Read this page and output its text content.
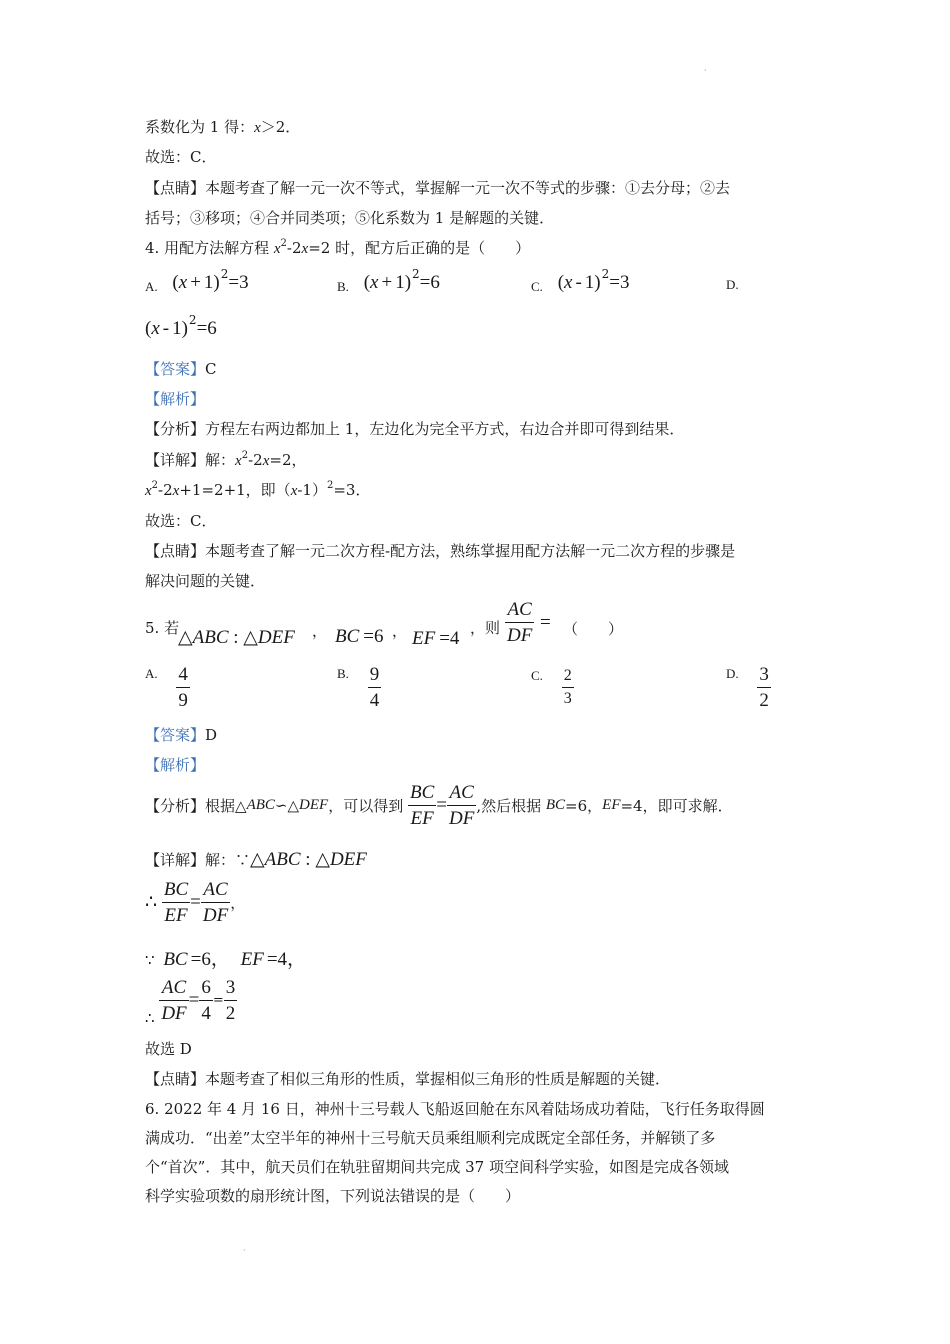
·
系数化为 1 得：x＞2．
故选：C．
【点睛】本题考查了解一元一次不等式，掌握解一元一次不等式的步骤：①去分母；②去
括号；③移项；④合并同类项；⑤化系数为 1 是解题的关键．
4. 用配方法解方程 $x^2-2x=2$ 时，配方后正确的是（　　）
A. $(x + 1)^2=3$	B. $(x + 1)^2=6$	C. (x - 1)$^2$=3	D.
(x - 1)$^2$=6
【答案】C
【解析】
【分析】方程左右两边都加上 1，左边化为完全平方式，右边合并即可得到结果．
【详解】解：$x^2-2x=2$，
$x^2-2x+1=2+1$，即$(x-1)^2=3$．
故选：C．
【点睛】本题考查了解一元二次方程-配方法，熟练掌握用配方法解一元二次方程的步骤是
解决问题的关键．
5. 若
△ABC : △DEF ， BC =6 ， EF =4 ，则 $\frac{AC}{DF}$ = （　　）
A. $\frac{4}{9}$	B. $\frac{9}{4}$	C. $\frac{2}{3}$	D. $\frac{3}{2}$
【答案】D
【解析】
【分析】根据△ABC∽△DEF，可以得到 $\frac{BC}{EF} = \frac{AC}{DF}$ ,然后根据 BC=6，EF=4，即可求解．
【详解】解：∵△ABC : △DEF
∴ $\frac{BC}{EF} = \frac{AC}{DF}$ ，
∵ BC =6， EF =4，
∴ $\frac{AC}{DF} = \frac{6}{4} = \frac{3}{2}$
故选 D
【点睛】本题考查了相似三角形的性质，掌握相似三角形的性质是解题的关键．
6. 2022 年 4 月 16 日，神州十三号载人飞船返回舱在东风着陆场成功着陆，飞行任务取得圆
满成功．“出差”太空半年的神州十三号航天员乘组顺利完成既定全部任务，并解锁了多
个“首次”．其中，航天员们在轨驻留期间共完成 37 项空间科学实验，如图是完成各领域
科学实验项数的扇形统计图，下列说法错误的是（　　）
·
